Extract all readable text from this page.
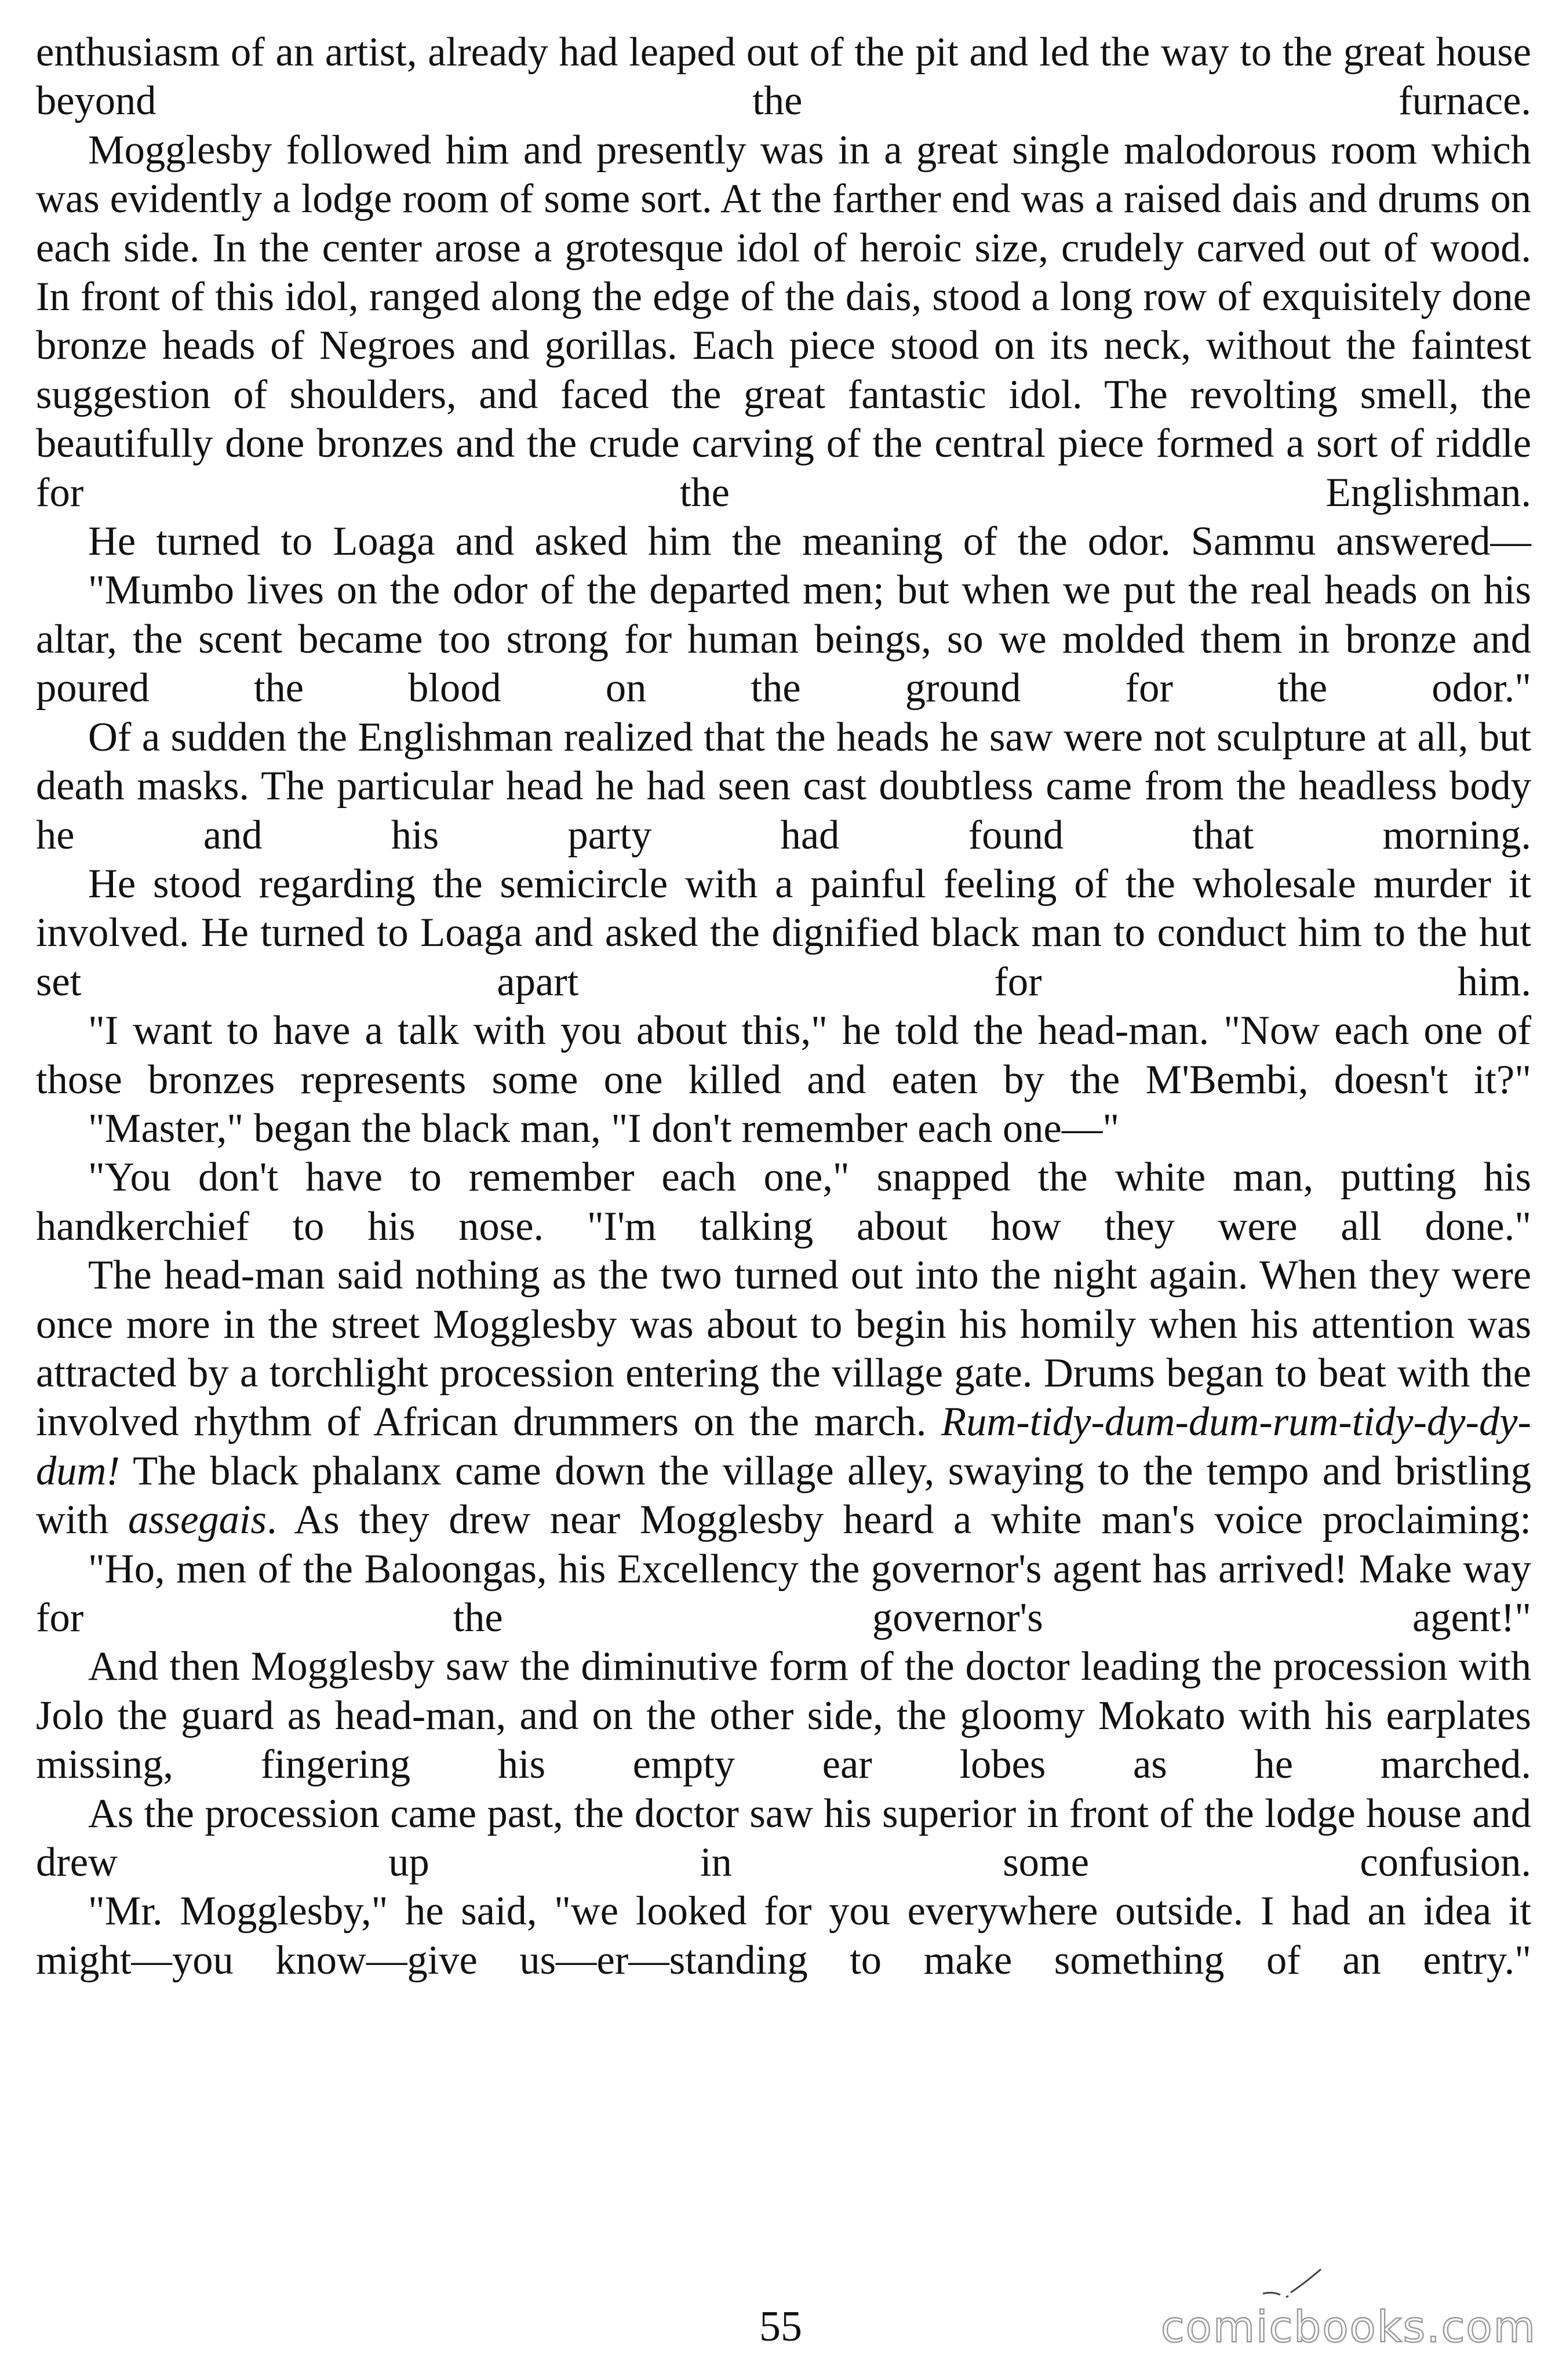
enthusiasm of an artist, already had leaped out of the pit and led the way to the great house beyond the furnace.

Mogglesby followed him and presently was in a great single malodorous room which was evidently a lodge room of some sort. At the farther end was a raised dais and drums on each side. In the center arose a grotesque idol of heroic size, crudely carved out of wood. In front of this idol, ranged along the edge of the dais, stood a long row of exquisitely done bronze heads of Negroes and gorillas. Each piece stood on its neck, without the faintest suggestion of shoulders, and faced the great fantastic idol. The revolting smell, the beautifully done bronzes and the crude carving of the central piece formed a sort of riddle for the Englishman.

He turned to Loaga and asked him the meaning of the odor. Sammu answered—

"Mumbo lives on the odor of the departed men; but when we put the real heads on his altar, the scent became too strong for human beings, so we molded them in bronze and poured the blood on the ground for the odor."

Of a sudden the Englishman realized that the heads he saw were not sculpture at all, but death masks. The particular head he had seen cast doubtless came from the headless body he and his party had found that morning.

He stood regarding the semicircle with a painful feeling of the wholesale murder it involved. He turned to Loaga and asked the dignified black man to conduct him to the hut set apart for him.

"I want to have a talk with you about this," he told the head-man. "Now each one of those bronzes represents some one killed and eaten by the M'Bembi, doesn't it?"

"Master," began the black man, "I don't remember each one—"

"You don't have to remember each one," snapped the white man, putting his handkerchief to his nose. "I'm talking about how they were all done."

The head-man said nothing as the two turned out into the night again. When they were once more in the street Mogglesby was about to begin his homily when his attention was attracted by a torchlight procession entering the village gate. Drums began to beat with the involved rhythm of African drummers on the march. Rum-tidy-dum-dum-rum-tidy-dy-dy-dum! The black phalanx came down the village alley, swaying to the tempo and bristling with assegais. As they drew near Mogglesby heard a white man's voice proclaiming:

"Ho, men of the Baloongas, his Excellency the governor's agent has arrived! Make way for the governor's agent!"

And then Mogglesby saw the diminutive form of the doctor leading the procession with Jolo the guard as head-man, and on the other side, the gloomy Mokato with his earplates missing, fingering his empty ear lobes as he marched.

As the procession came past, the doctor saw his superior in front of the lodge house and drew up in some confusion.

"Mr. Mogglesby," he said, "we looked for you everywhere outside. I had an idea it might—you know—give us—er—standing to make something of an entry."

55	comicbooks.com
